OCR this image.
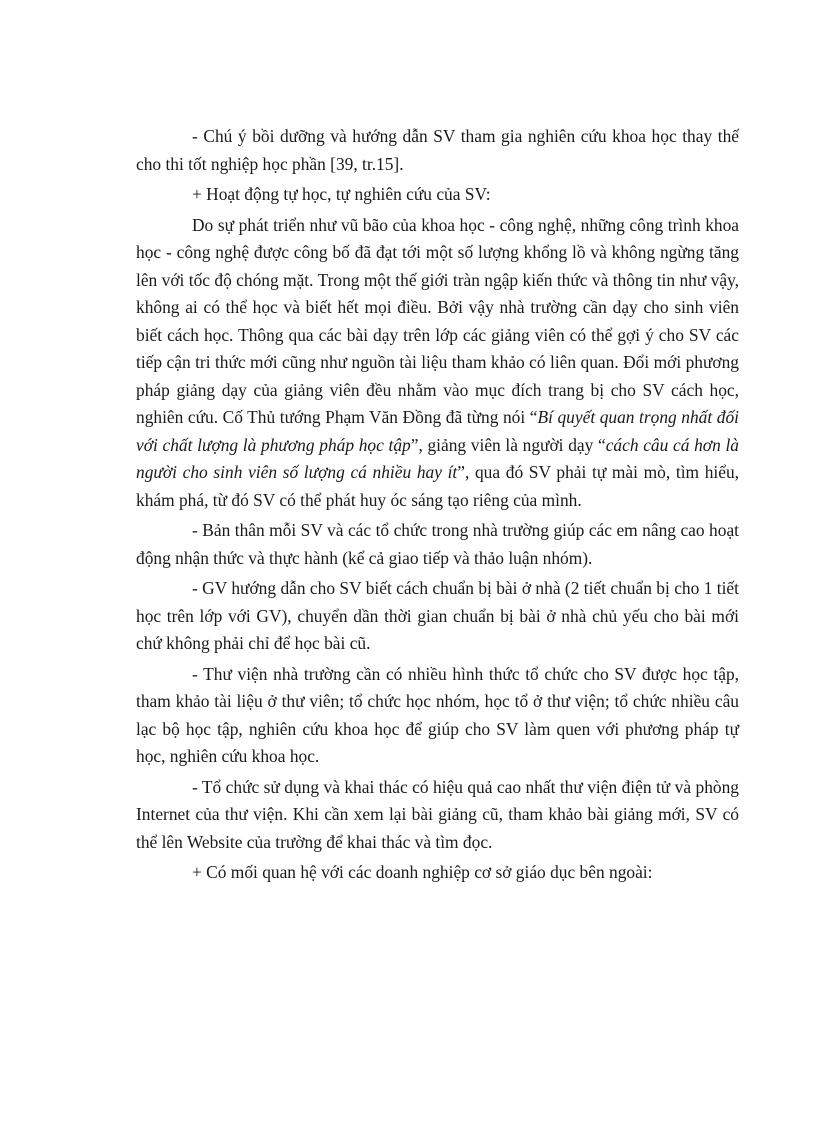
- Chú ý bồi dưỡng và hướng dẫn SV tham gia nghiên cứu khoa học thay thế cho thi tốt nghiệp học phần [39, tr.15].

+ Hoạt động tự học, tự nghiên cứu của SV:

Do sự phát triển như vũ bão của khoa học - công nghệ, những công trình khoa học - công nghệ được công bố đã đạt tới một số lượng khổng lồ và không ngừng tăng lên với tốc độ chóng mặt. Trong một thế giới tràn ngập kiến thức và thông tin như vậy, không ai có thể học và biết hết mọi điều. Bởi vậy nhà trường cần dạy cho sinh viên biết cách học. Thông qua các bài dạy trên lớp các giảng viên có thể gợi ý cho SV các tiếp cận tri thức mới cũng như nguồn tài liệu tham khảo có liên quan. Đổi mới phương pháp giảng dạy của giảng viên đều nhằm vào mục đích trang bị cho SV cách học, nghiên cứu. Cố Thủ tướng Phạm Văn Đồng đã từng nói “Bí quyết quan trọng nhất đối với chất lượng là phương pháp học tập”, giảng viên là người dạy “cách câu cá hơn là người cho sinh viên số lượng cá nhiều hay ít”, qua đó SV phải tự mài mò, tìm hiểu, khám phá, từ đó SV có thể phát huy óc sáng tạo riêng của mình.

- Bản thân mỗi SV và các tổ chức trong nhà trường giúp các em nâng cao hoạt động nhận thức và thực hành (kể cả giao tiếp và thảo luận nhóm).

- GV hướng dẫn cho SV biết cách chuẩn bị bài ở nhà (2 tiết chuẩn bị cho 1 tiết học trên lớp với GV), chuyển dần thời gian chuẩn bị bài ở nhà chủ yếu cho bài mới chứ không phải chỉ để học bài cũ.

- Thư viện nhà trường cần có nhiều hình thức tổ chức cho SV được học tập, tham khảo tài liệu ở thư viên; tổ chức học nhóm, học tổ ở thư viện; tổ chức nhiều câu lạc bộ học tập, nghiên cứu khoa học để giúp cho SV làm quen với phương pháp tự học, nghiên cứu khoa học.

- Tổ chức sử dụng và khai thác có hiệu quả cao nhất thư viện điện tử và phòng Internet của thư viện. Khi cần xem lại bài giảng cũ, tham khảo bài giảng mới, SV có thể lên Website của trường để khai thác và tìm đọc.

+ Có mối quan hệ với các doanh nghiệp cơ sở giáo dục bên ngoài:
